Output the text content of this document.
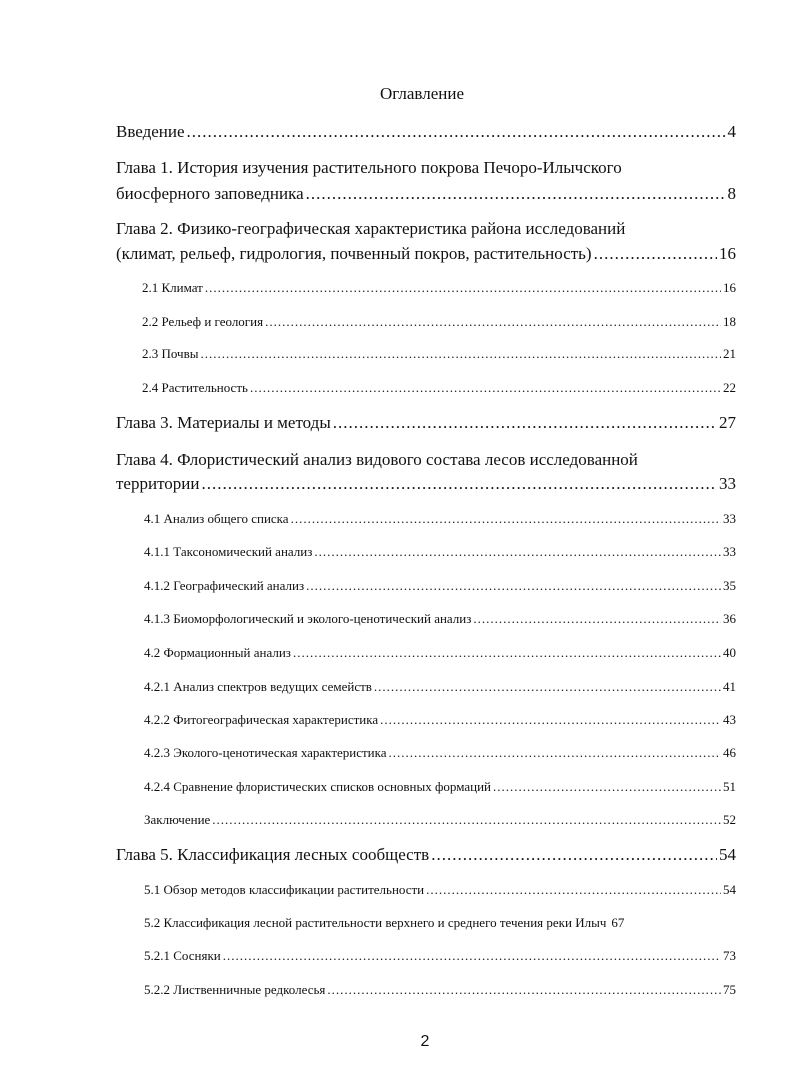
Оглавление
Введение .....	4
Глава 1. История изучения растительного покрова Печоро-Илычского
биосферного заповедника .....	8
Глава 2. Физико-географическая характеристика района исследований
(климат, рельеф, гидрология, почвенный покров, растительность) .....	16
2.1 Климат .....	16
2.2 Рельеф и геология .....	18
2.3 Почвы .....	21
2.4 Растительность .....	22
Глава 3. Материалы и методы .....	27
Глава 4. Флористический анализ видового состава лесов исследованной
территории .....	33
4.1 Анализ общего списка .....	33
4.1.1 Таксономический анализ .....	33
4.1.2 Географический анализ .....	35
4.1.3 Биоморфологический и эколого-ценотический анализ .....	36
4.2 Формационный анализ .....	40
4.2.1 Анализ спектров ведущих семейств .....	41
4.2.2 Фитогеографическая характеристика .....	43
4.2.3 Эколого-ценотическая характеристика .....	46
4.2.4 Сравнение флористических списков основных формаций .....	51
Заключение .....	52
Глава 5. Классификация лесных сообществ .....	54
5.1 Обзор методов классификации растительности .....	54
5.2 Классификация лесной растительности верхнего и среднего течения реки Илыч 67
5.2.1 Сосняки .....	73
5.2.2 Лиственничные редколесья .....	75
2
